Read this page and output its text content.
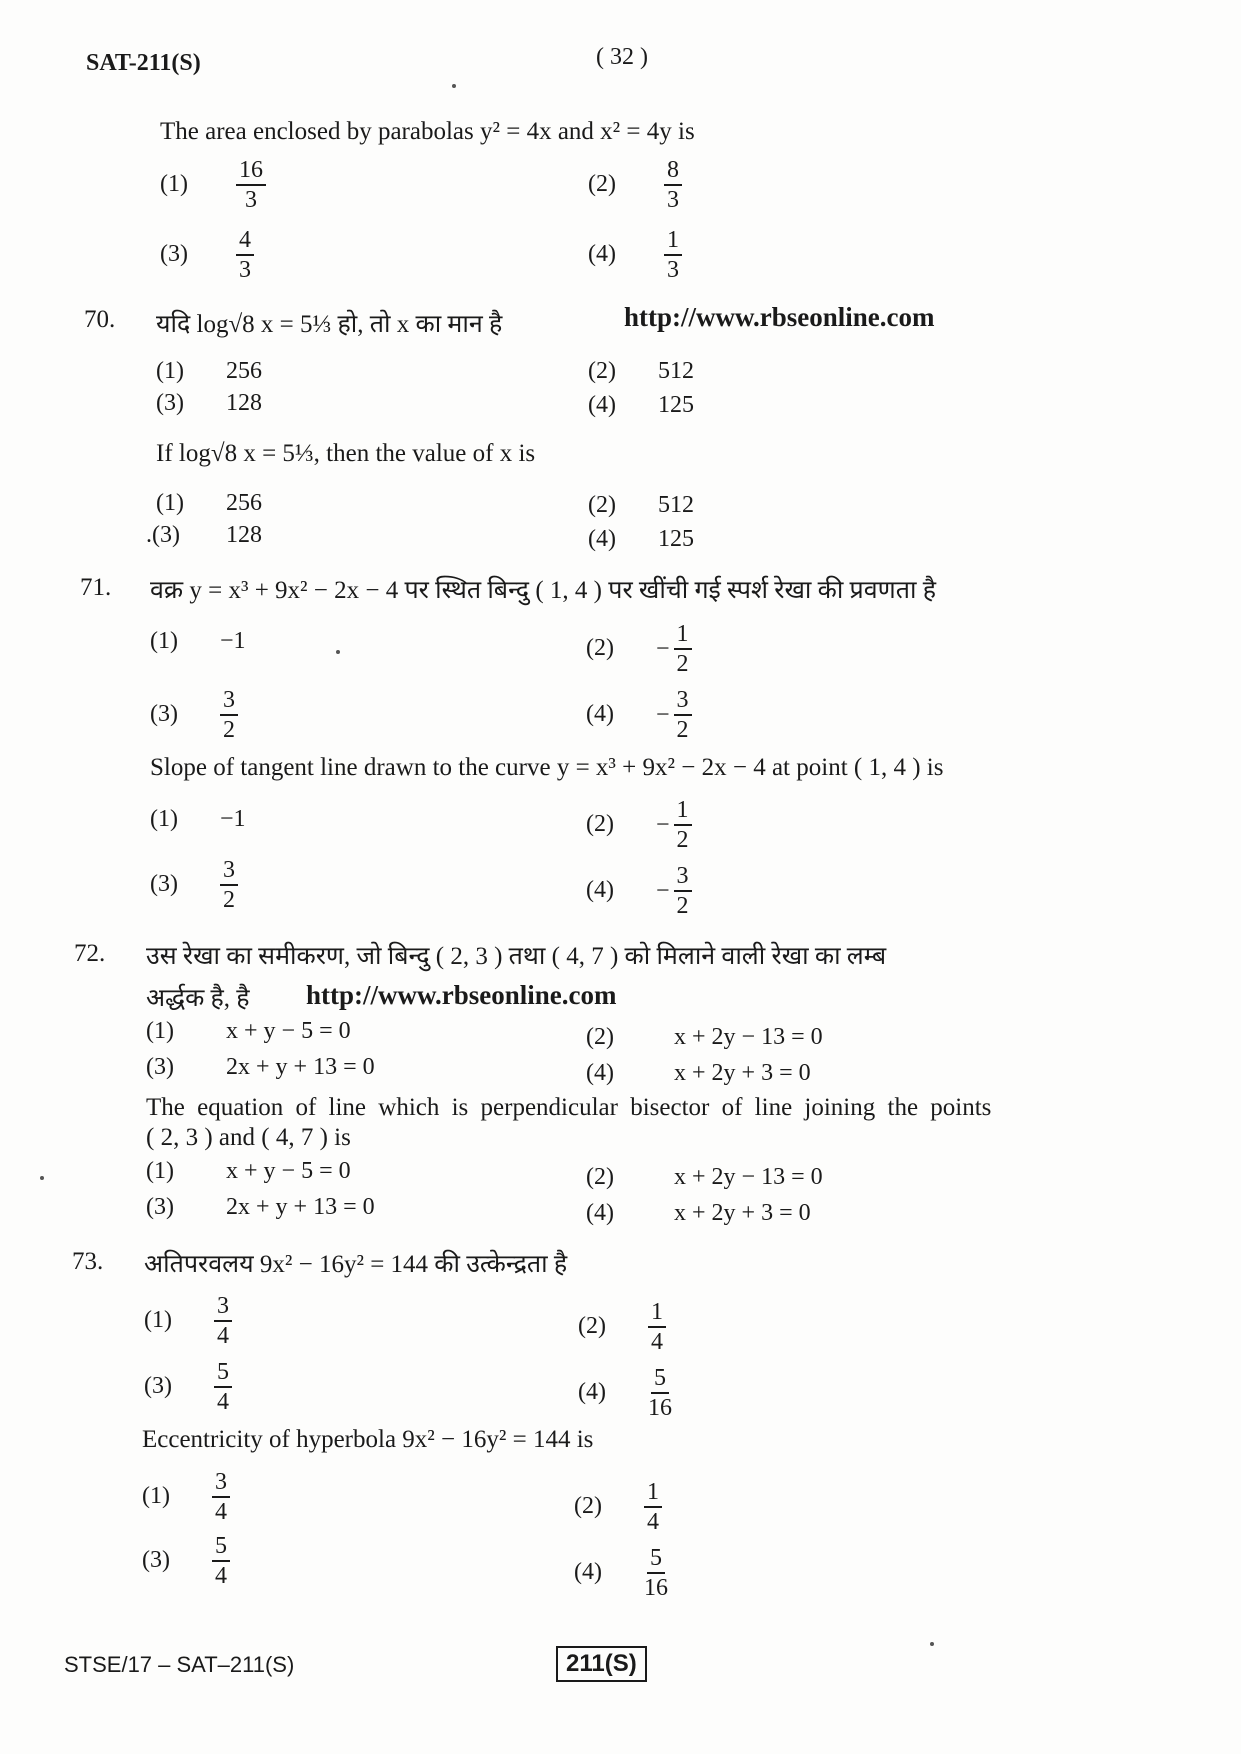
SAT-211(S)	( 32 )
The area enclosed by parabolas y² = 4x and x² = 4y is
$(1) \frac{16}{3}$	$(2) \frac{8}{3}$
$(3) \frac{4}{3}$	$(4) \frac{1}{3}$
70. यदि log√8 x = 5⅓ हो, तो x का मान है	http://www.rbseonline.com
(1) 256	(2) 512
(3) 128	(4) 125
If log√8 x = 5⅓, then the value of x is
(1) 256	(2) 512
.(3) 128	(4) 125
71. वक्र y = x³ + 9x² − 2x − 4 पर स्थित बिन्दु ( 1, 4 ) पर खींची गई स्पर्श रेखा की प्रवणता है
(1) −1	$(2) - \frac{1}{2}$
$(3) \frac{3}{2}$	$(4) - \frac{3}{2}$
Slope of tangent line drawn to the curve y = x³ + 9x² − 2x − 4 at point ( 1, 4 ) is
(1) −1	$(2) - \frac{1}{2}$
$(3) \frac{3}{2}$	$(4) - \frac{3}{2}$
72. उस रेखा का समीकरण, जो बिन्दु ( 2, 3 ) तथा ( 4, 7 ) को मिलाने वाली रेखा का लम्ब
अर्द्धक है, है http://www.rbseonline.com
(1) x + y − 5 = 0	(2)	x + 2y − 13 = 0
(3) 2x + y + 13 = 0	(4)	x + 2y + 3 = 0
The equation of line which is perpendicular bisector of line joining the points
( 2, 3 ) and ( 4, 7 ) is
(1) x + y − 5 = 0	(2)	x + 2y − 13 = 0
(3) 2x + y + 13 = 0	(4)	x + 2y + 3 = 0
73. अतिपरवलय 9x² − 16y² = 144 की उत्केन्द्रता है
$(1) \frac{3}{4}$	$(2) \frac{1}{4}$
$(3) \frac{5}{4}$	$(4) \frac{5}{16}$
Eccentricity of hyperbola 9x² − 16y² = 144 is
$(1) \frac{3}{4}$	$(2) \frac{1}{4}$
$(3) \frac{5}{4}$	$(4) \frac{5}{16}$
STSE/17 – SAT–211(S)	211(S)
